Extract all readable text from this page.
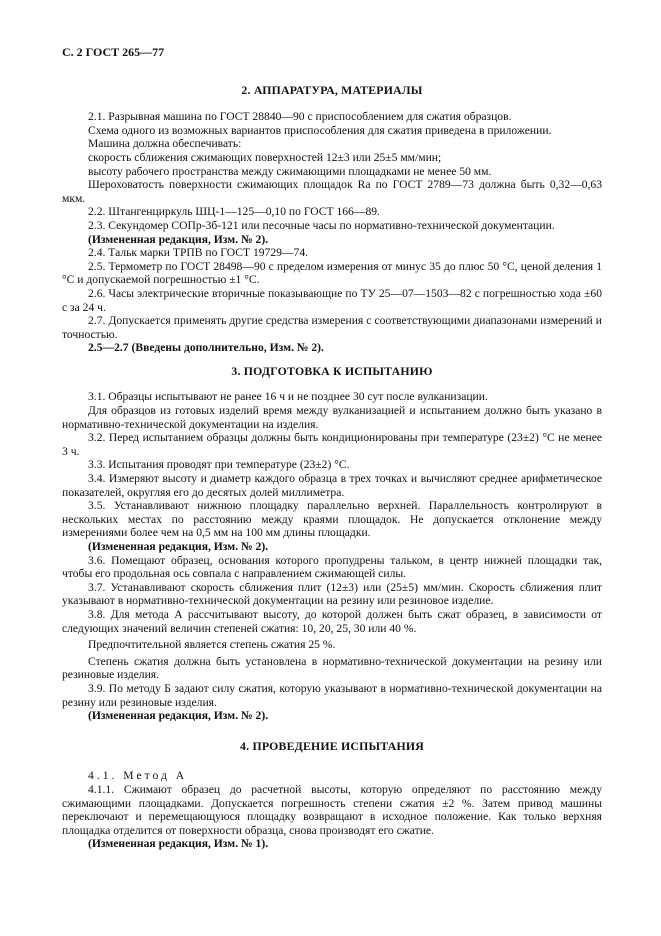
С. 2 ГОСТ 265—77
2. АППАРАТУРА, МАТЕРИАЛЫ

2.1. Разрывная машина по ГОСТ 28840—90 с приспособлением для сжатия образцов.

Схема одного из возможных вариантов приспособления для сжатия приведена в приложении.

Машина должна обеспечивать:

скорость сближения сжимающих поверхностей 12±3 или 25±5 мм/мин;

высоту рабочего пространства между сжимающими площадками не менее 50 мм.

Шероховатость поверхности сжимающих площадок Ra по ГОСТ 2789—73 должна быть 0,32—0,63 мкм.

2.2. Штангенциркуль ШЦ-1—125—0,10 по ГОСТ 166—89.

2.3. Секундомер СОПр-3б-121 или песочные часы по нормативно-технической документации.

(Измененная редакция, Изм. № 2).

2.4. Тальк марки ТРПВ по ГОСТ 19729—74.

2.5. Термометр по ГОСТ 28498—90 с пределом измерения от минус 35 до плюс 50 °С, ценой деления 1 °С и допускаемой погрешностью ±1 °С.

2.6. Часы электрические вторичные показывающие по ТУ 25—07—1503—82 с погрешностью хода ±60 с за 24 ч.

2.7. Допускается применять другие средства измерения с соответствующими диапазонами измерений и точностью.

2.5—2.7 (Введены дополнительно, Изм. № 2).

3. ПОДГОТОВКА К ИСПЫТАНИЮ

3.1. Образцы испытывают не ранее 16 ч и не позднее 30 сут после вулканизации.

Для образцов из готовых изделий время между вулканизацией и испытанием должно быть указано в нормативно-технической документации на изделия.

3.2. Перед испытанием образцы должны быть кондиционированы при температуре (23±2) °С не менее 3 ч.

3.3. Испытания проводят при температуре (23±2) °С.

3.4. Измеряют высоту и диаметр каждого образца в трех точках и вычисляют среднее арифметическое показателей, округляя его до десятых долей миллиметра.

3.5. Устанавливают нижнюю площадку параллельно верхней. Параллельность контролируют в нескольких местах по расстоянию между краями площадок. Не допускается отклонение между измерениями более чем на 0,5 мм на 100 мм длины площадки.

(Измененная редакция, Изм. № 2).

3.6. Помещают образец, основания которого пропудрены тальком, в центр нижней площадки так, чтобы его продольная ось совпала с направлением сжимающей силы.

3.7. Устанавливают скорость сближения плит (12±3) или (25±5) мм/мин. Скорость сближения плит указывают в нормативно-технической документации на резину или резиновое изделие.

3.8. Для метода А рассчитывают высоту, до которой должен быть сжат образец, в зависимости от следующих значений величин степеней сжатия: 10, 20, 25, 30 или 40 %.

Предпочтительной является степень сжатия 25 %.

Степень сжатия должна быть установлена в нормативно-технической документации на резину или резиновые изделия.

3.9. По методу Б задают силу сжатия, которую указывают в нормативно-технической документации на резину или резиновые изделия.

(Измененная редакция, Изм. № 2).

4. ПРОВЕДЕНИЕ ИСПЫТАНИЯ

4.1. Метод А

4.1.1. Сжимают образец до расчетной высоты, которую определяют по расстоянию между сжимающими площадками. Допускается погрешность степени сжатия ±2 %. Затем привод машины переключают и перемещающуюся площадку возвращают в исходное положение. Как только верхняя площадка отделится от поверхности образца, снова производят его сжатие.

(Измененная редакция, Изм. № 1).
